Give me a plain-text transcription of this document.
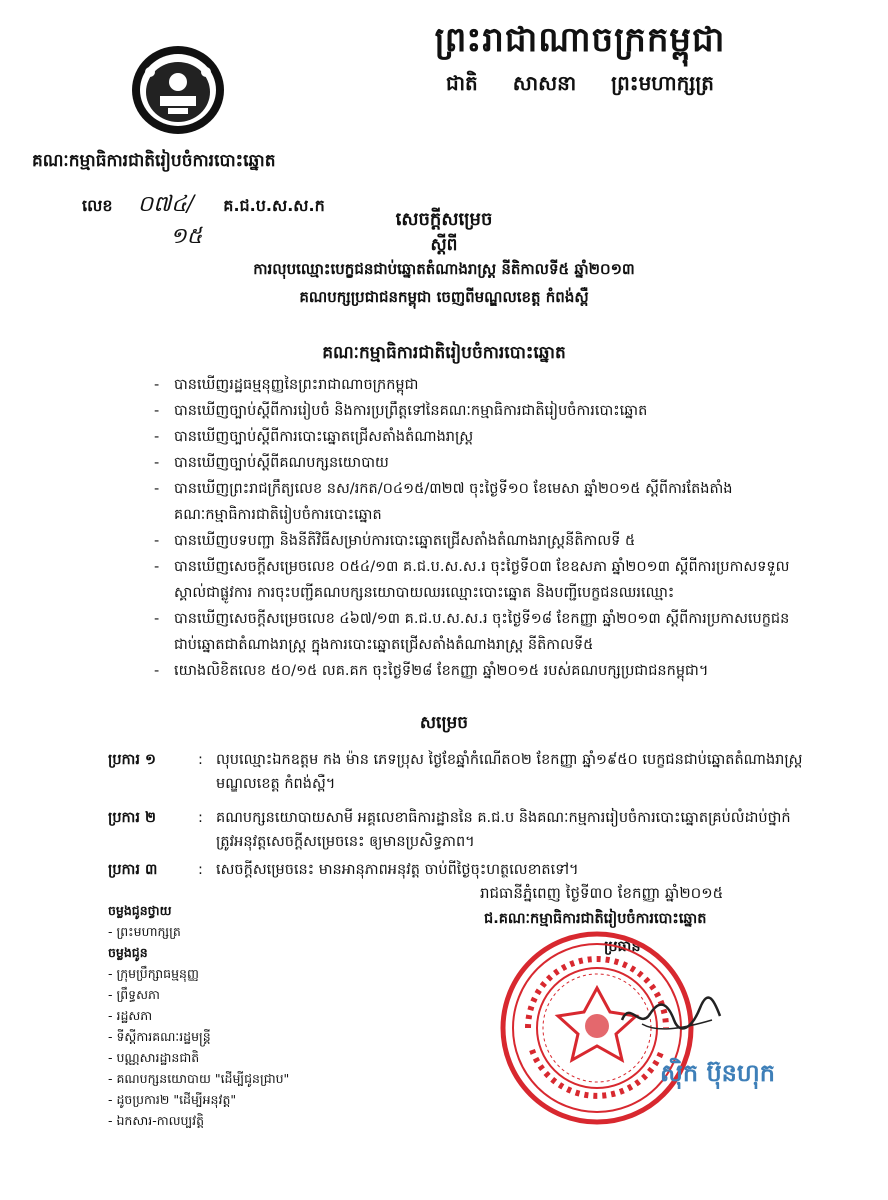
ព្រះរាជាណាចក្រកម្ពុជា
ជាតិ សាសនា ព្រះមហាក្សត្រ
គណៈកម្មាធិការជាតិរៀបចំការបោះឆ្នោត
លេខ ០៧៤/ គ.ជ.ប.ស.ស.ក
១៥
សេចក្តីសម្រេច
ស្តីពី
ការលុបឈ្មោះបេក្ខជនជាប់ឆ្នោតតំណាងរាស្ត្រ នីតិកាលទី៥ ឆ្នាំ២០១៣
គណបក្សប្រជាជនកម្ពុជា ចេញពីមណ្ឌលខេត្ត កំពង់ស្ពឺ
គណៈកម្មាធិការជាតិរៀបចំការបោះឆ្នោត
- បានឃើញរដ្ឋធម្មនុញ្ញនៃព្រះរាជាណាចក្រកម្ពុជា
- បានឃើញច្បាប់ស្តីពីការរៀបចំ និងការប្រព្រឹត្តទៅនៃគណៈកម្មាធិការជាតិរៀបចំការបោះឆ្នោត
- បានឃើញច្បាប់ស្តីពីការបោះឆ្នោតជ្រើសតាំងតំណាងរាស្ត្រ
- បានឃើញច្បាប់ស្តីពីគណបក្សនយោបាយ
- បានឃើញព្រះរាជក្រឹត្យលេខ នស/រកត/០៤១៥/៣២៧ ចុះថ្ងៃទី១០ ខែមេសា ឆ្នាំ២០១៥ ស្តីពីការតែងតាំងគណៈកម្មាធិការជាតិរៀបចំការបោះឆ្នោត
- បានឃើញបទបញ្ជា និងនីតិវិធីសម្រាប់ការបោះឆ្នោតជ្រើសតាំងតំណាងរាស្ត្រនីតិកាលទី ៥
- បានឃើញសេចក្តីសម្រេចលេខ ០៥៤/១៣ គ.ជ.ប.ស.ស.រ ចុះថ្ងៃទី០៣ ខែឧសភា ឆ្នាំ២០១៣ ស្តីពីការប្រកាសទទួលស្គាល់ជាផ្លូវការ ការចុះបញ្ជីគណបក្សនយោបាយឈរឈ្មោះបោះឆ្នោត និងបញ្ជីបេក្ខជនឈរឈ្មោះ
- បានឃើញសេចក្តីសម្រេចលេខ ៤៦៧/១៣ គ.ជ.ប.ស.ស.រ ចុះថ្ងៃទី១៨ ខែកញ្ញា ឆ្នាំ២០១៣ ស្តីពីការប្រកាសបេក្ខជនជាប់ឆ្នោតជាតំណាងរាស្ត្រ ក្នុងការបោះឆ្នោតជ្រើសតាំងតំណាងរាស្ត្រ នីតិកាលទី៥
- យោងលិខិតលេខ ៥០/១៥ លគ.គក ចុះថ្ងៃទី២៨ ខែកញ្ញា ឆ្នាំ២០១៥ របស់គណបក្សប្រជាជនកម្ពុជា។
សម្រេច
ប្រការ ១	: លុបឈ្មោះឯកឧត្តម កង ម៉ាន ភេទប្រុស ថ្ងៃខែឆ្នាំកំណើត០២ ខែកញ្ញា ឆ្នាំ១៩៥០ បេក្ខជនជាប់ឆ្នោតតំណាងរាស្ត្រមណ្ឌលខេត្ត កំពង់ស្ពឺ។
ប្រការ ២	: គណបក្សនយោបាយសាមី អគ្គលេខាធិការដ្ឋាននៃ គ.ជ.ប និងគណៈកម្មការរៀបចំការបោះឆ្នោតគ្រប់លំដាប់ថ្នាក់ ត្រូវអនុវត្តសេចក្តីសម្រេចនេះ ឲ្យមានប្រសិទ្ធភាព។
ប្រការ ៣	: សេចក្តីសម្រេចនេះ មានអានុភាពអនុវត្ត ចាប់ពីថ្ងៃចុះហត្ថលេខាតទៅ។
រាជធានីភ្នំពេញ ថ្ងៃទី៣០ ខែកញ្ញា ឆ្នាំ២០១៥
ជ.គណៈកម្មាធិការជាតិរៀបចំការបោះឆ្នោត
ប្រធាន
ស៊ិក ប៊ុនហុក
ចម្លងជូនថ្វាយ
- ព្រះមហាក្សត្រ
ចម្លងជូន
- ក្រុមប្រឹក្សាធម្មនុញ្ញ
- ព្រឹទ្ធសភា
- រដ្ឋសភា
- ទីស្តីការគណៈរដ្ឋមន្ត្រី
- បណ្ណសារដ្ឋានជាតិ
- គណបក្សនយោបាយ "ដើម្បីជូនជ្រាប"
- ដូចប្រការ២ "ដើម្បីអនុវត្ត"
- ឯកសារ-កាលប្បវត្តិ
